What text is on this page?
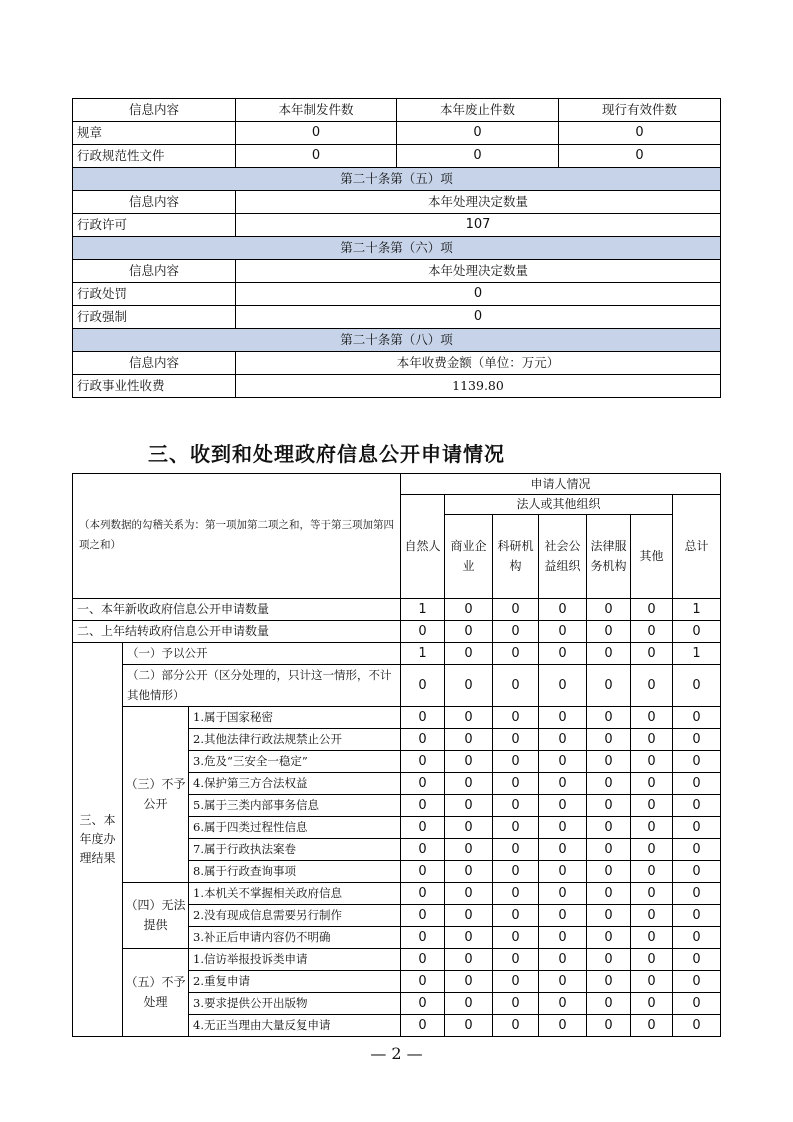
信息内容	本年制发件数	本年废止件数	现行有效件数
规章	0	0	0
行政规范性文件	0	0	0
第二十条第（五）项			
信息内容	本年处理决定数量		
行政许可	107		
第二十条第（六）项			
信息内容	本年处理决定数量		
行政处罚	0		
行政强制	0		
第二十条第（八）项			
信息内容	本年收费金额（单位：万元）		
行政事业性收费	1139.80		
三、收到和处理政府信息公开申请情况
（本列数据的勾稽关系为：第一项加第二项之和，等于第三项加第四项之和）			申请人情况						
			自然人	法人或其他组织					总计
				商业企业	科研机构	社会公益组织	法律服务机构	其他	
一、本年新收政府信息公开申请数量			1	0	0	0	0	0	1
二、上年结转政府信息公开申请数量			0	0	0	0	0	0	0
三、本年度办理结果	（一）予以公开		1	0	0	0	0	0	1
	（二）部分公开（区分处理的，只计这一情形，不计其他情形）		0	0	0	0	0	0	0
	（三）不予公开	1.属于国家秘密	0	0	0	0	0	0	0
		2.其他法律行政法规禁止公开	0	0	0	0	0	0	0
		3.危及“三安全一稳定”	0	0	0	0	0	0	0
		4.保护第三方合法权益	0	0	0	0	0	0	0
		5.属于三类内部事务信息	0	0	0	0	0	0	0
		6.属于四类过程性信息	0	0	0	0	0	0	0
		7.属于行政执法案卷	0	0	0	0	0	0	0
		8.属于行政查询事项	0	0	0	0	0	0	0
	（四）无法提供	1.本机关不掌握相关政府信息	0	0	0	0	0	0	0
		2.没有现成信息需要另行制作	0	0	0	0	0	0	0
		3.补正后申请内容仍不明确	0	0	0	0	0	0	0
	（五）不予处理	1.信访举报投诉类申请	0	0	0	0	0	0	0
		2.重复申请	0	0	0	0	0	0	0
		3.要求提供公开出版物	0	0	0	0	0	0	0
		4.无正当理由大量反复申请	0	0	0	0	0	0	0

— 2 —
